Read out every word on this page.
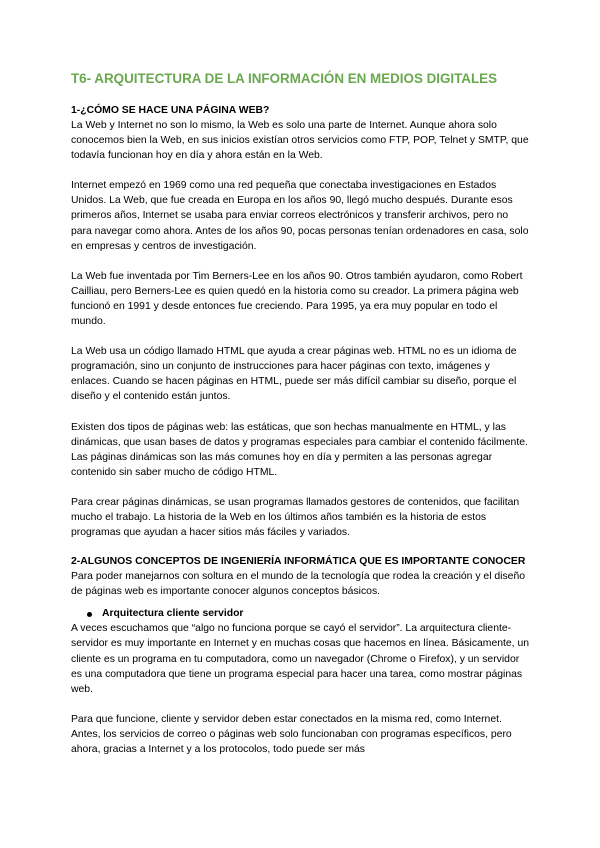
T6- ARQUITECTURA DE LA INFORMACIÓN EN MEDIOS DIGITALES
1-¿CÓMO SE HACE UNA PÁGINA WEB?

La Web y Internet no son lo mismo, la Web es solo una parte de Internet. Aunque ahora solo conocemos bien la Web, en sus inicios existían otros servicios como FTP, POP, Telnet y SMTP, que todavía funcionan hoy en día y ahora están en la Web.

Internet empezó en 1969 como una red pequeña que conectaba investigaciones en Estados Unidos. La Web, que fue creada en Europa en los años 90, llegó mucho después. Durante esos primeros años, Internet se usaba para enviar correos electrónicos y transferir archivos, pero no para navegar como ahora. Antes de los años 90, pocas personas tenían ordenadores en casa, solo en empresas y centros de investigación.

La Web fue inventada por Tim Berners-Lee en los años 90. Otros también ayudaron, como Robert Cailliau, pero Berners-Lee es quien quedó en la historia como su creador. La primera página web funcionó en 1991 y desde entonces fue creciendo. Para 1995, ya era muy popular en todo el mundo.

La Web usa un código llamado HTML que ayuda a crear páginas web. HTML no es un idioma de programación, sino un conjunto de instrucciones para hacer páginas con texto, imágenes y enlaces. Cuando se hacen páginas en HTML, puede ser más difícil cambiar su diseño, porque el diseño y el contenido están juntos.

Existen dos tipos de páginas web: las estáticas, que son hechas manualmente en HTML, y las dinámicas, que usan bases de datos y programas especiales para cambiar el contenido fácilmente. Las páginas dinámicas son las más comunes hoy en día y permiten a las personas agregar contenido sin saber mucho de código HTML.

Para crear páginas dinámicas, se usan programas llamados gestores de contenidos, que facilitan mucho el trabajo. La historia de la Web en los últimos años también es la historia de estos programas que ayudan a hacer sitios más fáciles y variados.

2-ALGUNOS CONCEPTOS DE INGENIERÍA INFORMÁTICA QUE ES IMPORTANTE CONOCER

Para poder manejarnos con soltura en el mundo de la tecnología que rodea la creación y el diseño de páginas web es importante conocer algunos conceptos básicos.

Arquitectura cliente servidor

A veces escuchamos que “algo no funciona porque se cayó el servidor”. La arquitectura cliente-servidor es muy importante en Internet y en muchas cosas que hacemos en línea. Básicamente, un cliente es un programa en tu computadora, como un navegador (Chrome o Firefox), y un servidor es una computadora que tiene un programa especial para hacer una tarea, como mostrar páginas web.

Para que funcione, cliente y servidor deben estar conectados en la misma red, como Internet. Antes, los servicios de correo o páginas web solo funcionaban con programas específicos, pero ahora, gracias a Internet y a los protocolos, todo puede ser más
